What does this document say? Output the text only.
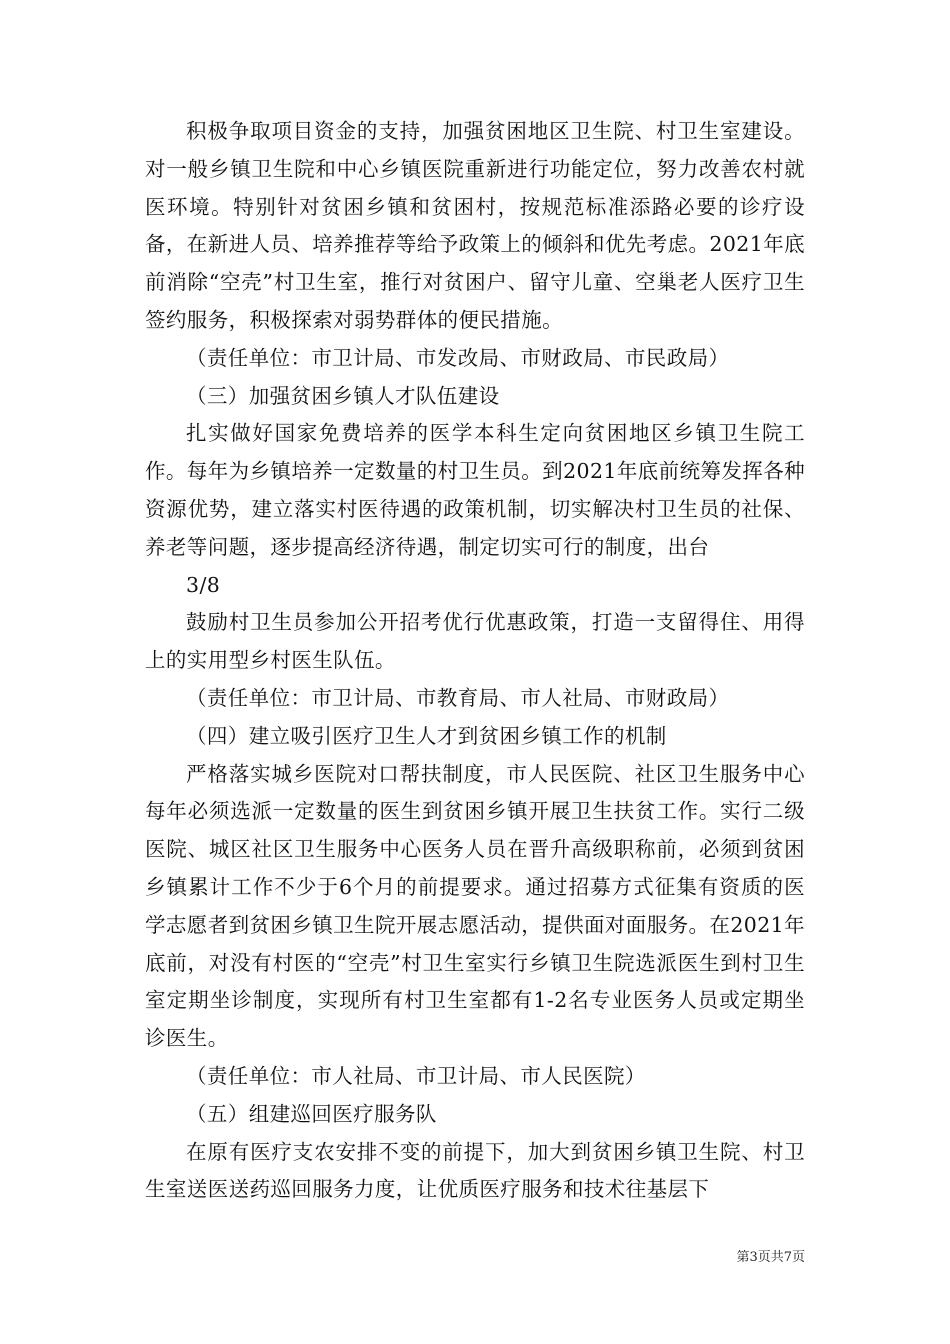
积极争取项目资金的支持，加强贫困地区卫生院、村卫生室建设。对一般乡镇卫生院和中心乡镇医院重新进行功能定位，努力改善农村就医环境。特别针对贫困乡镇和贫困村，按规范标准添路必要的诊疗设备，在新进人员、培养推荐等给予政策上的倾斜和优先考虑。2021年底前消除“空壳”村卫生室，推行对贫困户、留守儿童、空巢老人医疗卫生签约服务，积极探索对弱势群体的便民措施。

（责任单位：市卫计局、市发改局、市财政局、市民政局）

（三）加强贫困乡镇人才队伍建设

扎实做好国家免费培养的医学本科生定向贫困地区乡镇卫生院工作。每年为乡镇培养一定数量的村卫生员。到2021年底前统筹发挥各种资源优势，建立落实村医待遇的政策机制，切实解决村卫生员的社保、养老等问题，逐步提高经济待遇，制定切实可行的制度，出台

3/8

鼓励村卫生员参加公开招考优行优惠政策，打造一支留得住、用得上的实用型乡村医生队伍。

（责任单位：市卫计局、市教育局、市人社局、市财政局）

（四）建立吸引医疗卫生人才到贫困乡镇工作的机制

严格落实城乡医院对口帮扶制度，市人民医院、社区卫生服务中心每年必须选派一定数量的医生到贫困乡镇开展卫生扶贫工作。实行二级医院、城区社区卫生服务中心医务人员在晋升高级职称前，必须到贫困乡镇累计工作不少于6个月的前提要求。通过招募方式征集有资质的医学志愿者到贫困乡镇卫生院开展志愿活动，提供面对面服务。在2021年底前，对没有村医的“空壳”村卫生室实行乡镇卫生院选派医生到村卫生室定期坐诊制度，实现所有村卫生室都有1-2名专业医务人员或定期坐诊医生。

（责任单位：市人社局、市卫计局、市人民医院）

（五）组建巡回医疗服务队

在原有医疗支农安排不变的前提下，加大到贫困乡镇卫生院、村卫生室送医送药巡回服务力度，让优质医疗服务和技术往基层下

第3页共7页
